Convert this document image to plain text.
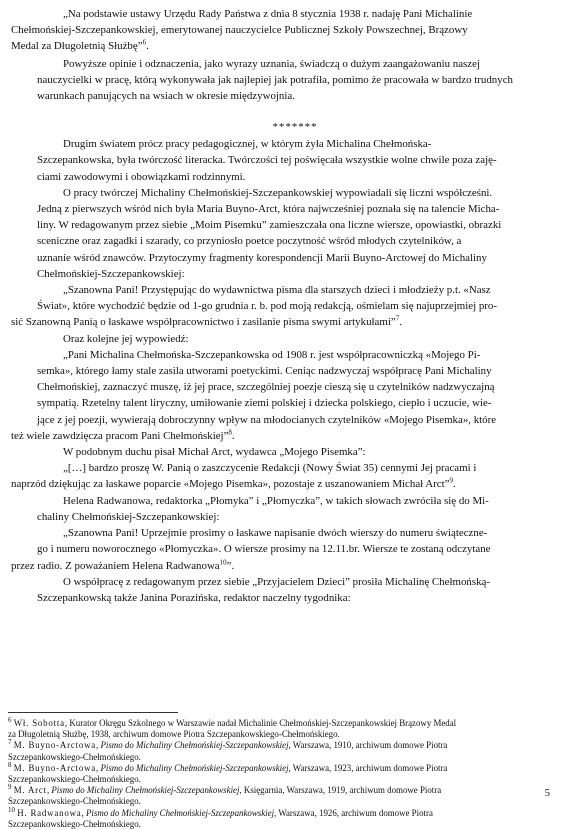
„Na podstawie ustawy Urzędu Rady Państwa z dnia 8 stycznia 1938 r. nadaję Pani Michalinie
Chełmońskiej-Szczepankowskiej, emerytowanej nauczycielce Publicznej Szkoły Powszechnej, Brązowy
Medal za Długoletnią Służbę”$^6$.

Powyższe opinie i odznaczenia, jako wyrazy uznania, świadczą o dużym zaangażowaniu naszej
nauczycielki w pracę, którą wykonywała jak najlepiej jak potrafiła, pomimo że pracowała w bardzo trudnych
warunkach panujących na wsiach w okresie międzywojnia.

*******

Drugim światem prócz pracy pedagogicznej, w którym żyła Michalina Chełmońska-
Szczepankowska, była twórczość literacka. Twórczości tej poświęcała wszystkie wolne chwile poza zaję-
ciami zawodowymi i obowiązkami rodzinnymi.

O pracy twórczej Michaliny Chełmońskiej-Szczepankowskiej wypowiadali się liczni współcześni.
Jedną z pierwszych wśród nich była Maria Buyno-Arct, która najwcześniej poznała się na talencie Micha-
liny. W redagowanym przez siebie „Moim Pisemku” zamieszczała ona liczne wiersze, opowiastki, obrazki
sceniczne oraz zagadki i szarady, co przyniosło poetce poczytność wśród młodych czytelników, a
uznanie wśród znawców. Przytoczymy fragmenty korespondencji Marii Buyno-Arctowej do Michaliny
Chełmońskiej-Szczepankowskiej:

„Szanowna Pani! Przystępując do wydawnictwa pisma dla starszych dzieci i młodzieży p.t. «Nasz
Świat», które wychodzić będzie od 1-go grudnia r. b. pod moją redakcją, ośmielam się najuprzejmiej pro-
sić Szanowną Panią o łaskawe współpracownictwo i zasilanie pisma swymi artykułami”$^7$.

Oraz kolejne jej wypowiedź:

„Pani Michalina Chełmońska-Szczepankowska od 1908 r. jest współpracowniczką «Mojego Pi-
semka», którego łamy stale zasila utworami poetyckimi. Ceniąc nadzwyczaj współpracę Pani Michaliny
Chełmońskiej, zaznaczyć muszę, iż jej prace, szczególniej poezje cieszą się u czytelników nadzwyczajną
sympatią. Rzetelny talent liryczny, umiłowanie ziemi polskiej i dziecka polskiego, ciepło i uczucie, wie-
jące z jej poezji, wywierają dobroczynny wpływ na młodocianych czytelników «Mojego Pisemka», które
też wiele zawdzięcza pracom Pani Chełmońskiej”$^8$.

W podobnym duchu pisał Michał Arct, wydawca „Mojego Pisemka”:

„[…] bardzo proszę W. Panią o zaszczycenie Redakcji (Nowy Świat 35) cennymi Jej pracami i
naprzód dziękując za łaskawe poparcie «Mojego Pisemka», pozostaje z uszanowaniem Michał Arct”$^9$.

Helena Radwanowa, redaktorka „Płomyka” i „Płomyczka”, w takich słowach zwróciła się do Mi-
chaliny Chełmońskiej-Szczepankowskiej:

„Szanowna Pani! Uprzejmie prosimy o łaskawe napisanie dwóch wierszy do numeru świąteczne-
go i numeru noworocznego «Płomyczka». O wiersze prosimy na 12.11.br. Wiersze te zostaną odczytane
przez radio. Z poważaniem Helena Radwanowa$^{10}$”.

O współpracę z redagowanym przez siebie „Przyjacielem Dzieci” prosiła Michalinę Chełmońską-
Szczepankowską także Janina Porazińska, redaktor naczelny tygodnika:

$^6$ Wł. Sobotta, Kurator Okręgu Szkolnego w Warszawie nadał Michalinie Chełmońskiej-Szczepankowskiej Brązowy Medal
za Długoletnią Służbę, 1938, archiwum domowe Piotra Szczepankowskiego-Chełmońskiego.

$^7$ M. Buyno-Arctowa, Pismo do Michaliny Chełmońskiej-Szczepankowskiej, Warszawa, 1910, archiwum domowe Piotra
Szczepankowskiego-Chełmońskiego.

$^8$ M. Buyno-Arctowa, Pismo do Michaliny Chełmońskiej-Szczepankowskiej, Warszawa, 1923, archiwum domowe Piotra
Szczepankowskiego-Chełmońskiego.

$^9$ M. Arct, Pismo do Michaliny Chełmońskiej-Szczepankowskiej, Księgarnia, Warszawa, 1919, archiwum domowe Piotra
Szczepankowskiego-Chełmońskiego.

$^{10}$ H. Radwanowa, Pismo do Michaliny Chełmońskiej-Szczepankowskiej, Warszawa, 1926, archiwum domowe Piotra
Szczepankowskiego-Chełmońskiego.

5
